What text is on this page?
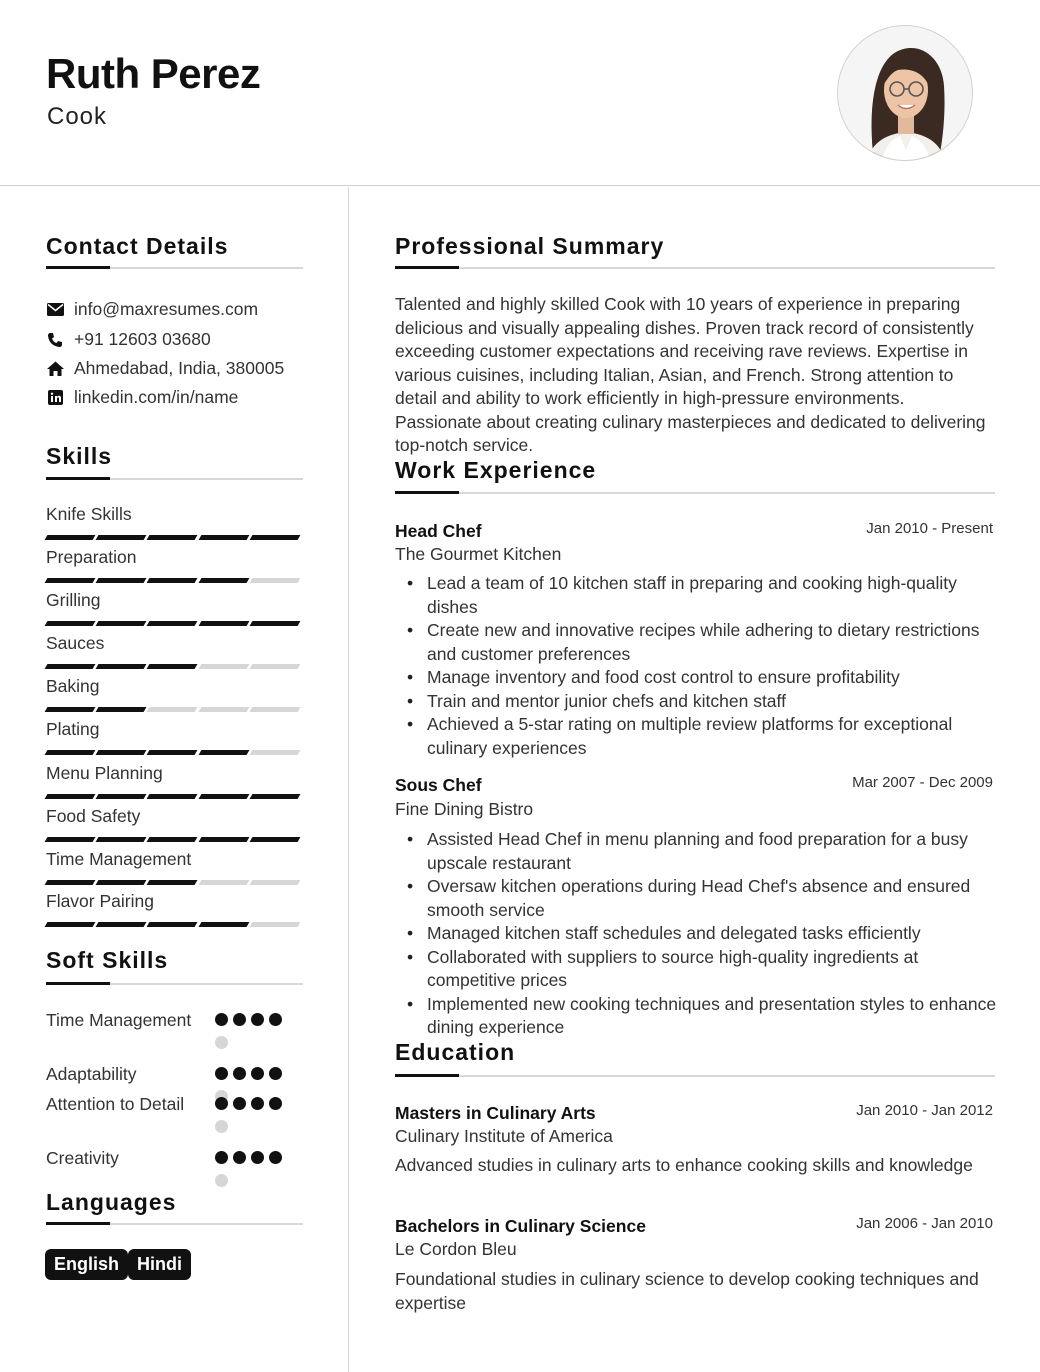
Ruth Perez
Cook
Contact Details
info@maxresumes.com
+91 12603 03680
Ahmedabad, India, 380005
linkedin.com/in/name
Skills
Knife Skills
Preparation
Grilling
Sauces
Baking
Plating
Menu Planning
Food Safety
Time Management
Flavor Pairing
Soft Skills
Time Management
Adaptability
Attention to Detail
Creativity
Languages
English Hindi
Professional Summary
Talented and highly skilled Cook with 10 years of experience in preparing delicious and visually appealing dishes. Proven track record of consistently exceeding customer expectations and receiving rave reviews. Expertise in various cuisines, including Italian, Asian, and French. Strong attention to detail and ability to work efficiently in high-pressure environments. Passionate about creating culinary masterpieces and dedicated to delivering top-notch service.
Work Experience
Head Chef	Jan 2010 - Present
The Gourmet Kitchen
• Lead a team of 10 kitchen staff in preparing and cooking high-quality dishes
• Create new and innovative recipes while adhering to dietary restrictions and customer preferences
• Manage inventory and food cost control to ensure profitability
• Train and mentor junior chefs and kitchen staff
• Achieved a 5-star rating on multiple review platforms for exceptional culinary experiences
Sous Chef	Mar 2007 - Dec 2009
Fine Dining Bistro
• Assisted Head Chef in menu planning and food preparation for a busy upscale restaurant
• Oversaw kitchen operations during Head Chef's absence and ensured smooth service
• Managed kitchen staff schedules and delegated tasks efficiently
• Collaborated with suppliers to source high-quality ingredients at competitive prices
• Implemented new cooking techniques and presentation styles to enhance dining experience
Education
Masters in Culinary Arts	Jan 2010 - Jan 2012
Culinary Institute of America
Advanced studies in culinary arts to enhance cooking skills and knowledge
Bachelors in Culinary Science	Jan 2006 - Jan 2010
Le Cordon Bleu
Foundational studies in culinary science to develop cooking techniques and expertise
